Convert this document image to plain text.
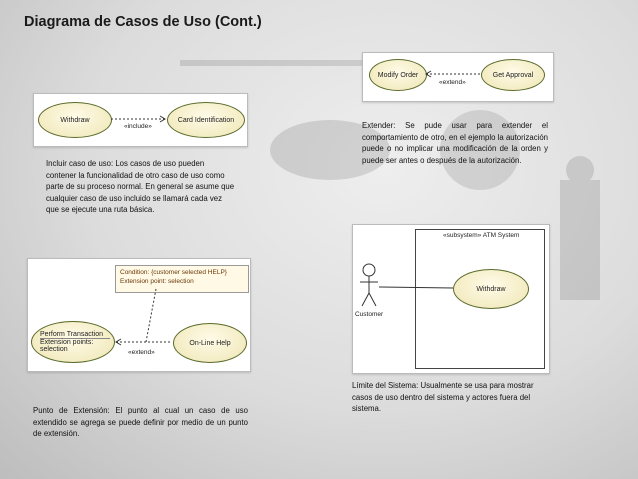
Diagrama de Casos de Uso (Cont.)
Withdraw	Card Identification
«include»
Incluir caso de uso: Los casos de uso pueden contener la funcionalidad de otro caso de uso como parte de su proceso normal. En general se asume que cualquier caso de uso incluido se llamará cada vez que se ejecute una ruta básica.
Modify Order	Get Approval
«extend»
Extender: Se pude usar para extender el comportamiento de otro, en el ejemplo la autorización puede o no implicar una modificación de la orden y puede ser antes o después de la autorización.
Condition: {customer selected HELP}
Extension point: selection
Perform Transaction
Extension points:
selection
On-Line Help
«extend»
Punto de Extensión: El punto al cual un caso de uso extendido se agrega se puede definir por medio de un punto de extensión.
«subsystem» ATM System
Withdraw
Customer
Límite del Sistema: Usualmente se usa para mostrar casos de uso dentro del sistema y actores fuera del sistema.
